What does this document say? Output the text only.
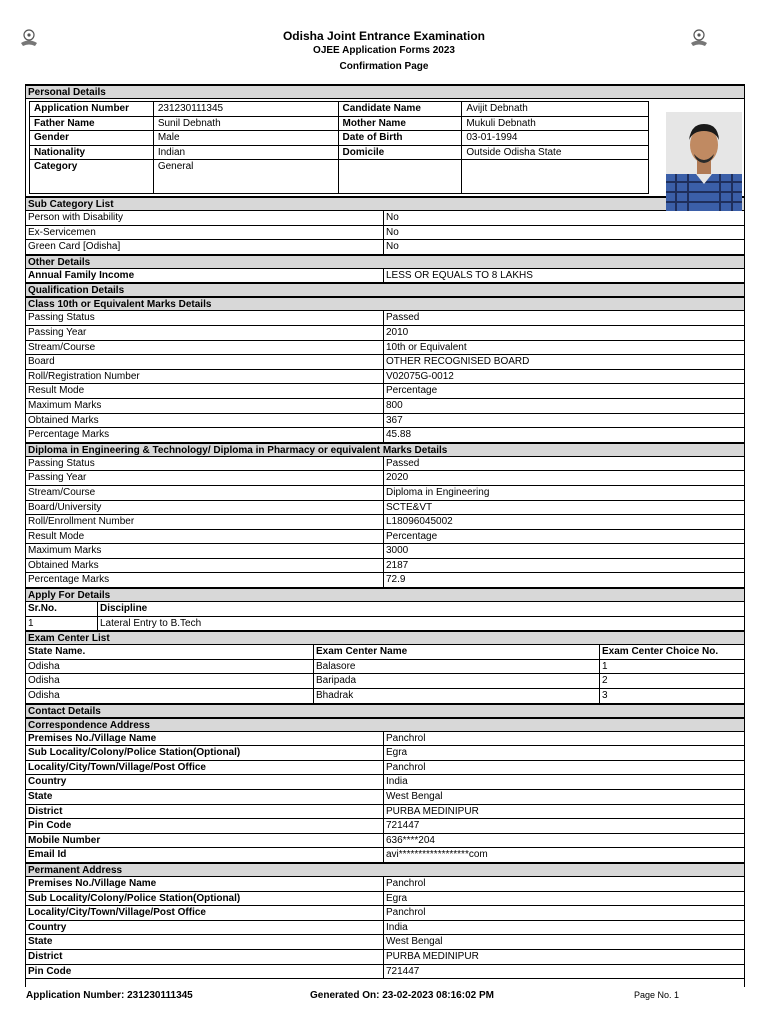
Odisha Joint Entrance Examination
OJEE Application Forms 2023
Confirmation Page
Personal Details
Application Number	231230111345	Candidate Name	Avijit Debnath
Father Name	Sunil Debnath	Mother Name	Mukuli Debnath
Gender	Male	Date of Birth	03-01-1994
Nationality	Indian	Domicile	Outside Odisha State
Category	General		
Sub Category List
Person with Disability	No
Ex-Servicemen	No
Green Card [Odisha]	No
Other Details
Annual Family Income	LESS OR EQUALS TO 8 LAKHS
Qualification Details
Class 10th or Equivalent Marks Details
Passing Status	Passed
Passing Year	2010
Stream/Course	10th or Equivalent
Board	OTHER RECOGNISED BOARD
Roll/Registration Number	V02075G-0012
Result Mode	Percentage
Maximum Marks	800
Obtained Marks	367
Percentage Marks	45.88
Diploma in Engineering & Technology/ Diploma in Pharmacy or equivalent Marks Details
Passing Status	Passed
Passing Year	2020
Stream/Course	Diploma in Engineering
Board/University	SCTE&VT
Roll/Enrollment Number	L18096045002
Result Mode	Percentage
Maximum Marks	3000
Obtained Marks	2187
Percentage Marks	72.9
Apply For Details
Sr.No.	Discipline
1	Lateral Entry to B.Tech
Exam Center List
State Name.	Exam Center Name	Exam Center Choice No.
Odisha	Balasore	1
Odisha	Baripada	2
Odisha	Bhadrak	3
Contact Details
Correspondence Address
Premises No./Village Name	Panchrol
Sub Locality/Colony/Police Station(Optional)	Egra
Locality/City/Town/Village/Post Office	Panchrol
Country	India
State	West Bengal
District	PURBA MEDINIPUR
Pin Code	721447
Mobile Number	636****204
Email Id	avi******************com
Permanent Address
Premises No./Village Name	Panchrol
Sub Locality/Colony/Police Station(Optional)	Egra
Locality/City/Town/Village/Post Office	Panchrol
Country	India
State	West Bengal
District	PURBA MEDINIPUR
Pin Code	721447
Application Number: 231230111345	Generated On: 23-02-2023 08:16:02 PM	Page No. 1
